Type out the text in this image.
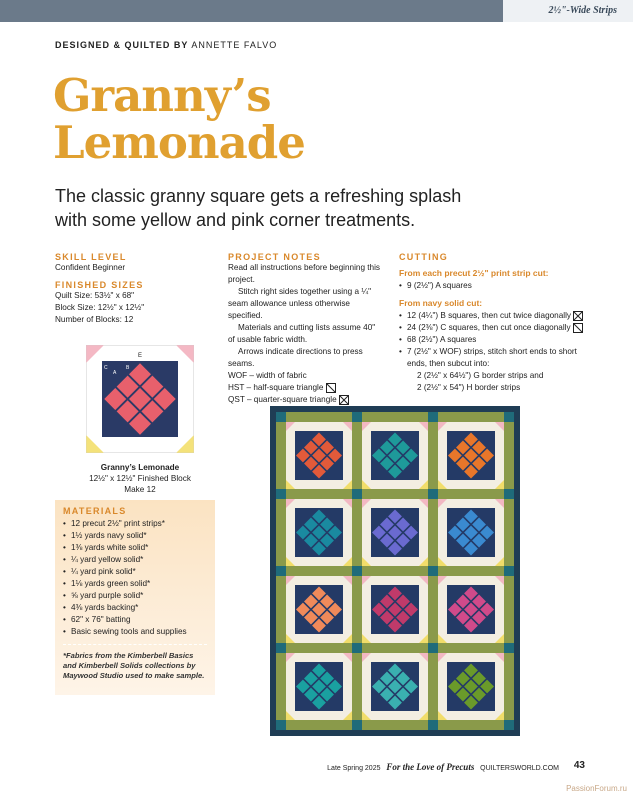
2½"-Wide Strips
DESIGNED & QUILTED BY ANNETTE FALVO
Granny’s
Lemonade
The classic granny square gets a refreshing splash with some yellow and pink corner treatments.
SKILL LEVEL
Confident Beginner
FINISHED SIZES
Quilt Size: 53½" x 68"
Block Size: 12½" x 12½"
Number of Blocks: 12
E
C
A
B
Granny’s Lemonade
12½" x 12½" Finished Block
Make 12
MATERIALS
• 12 precut 2½" print strips*
• 1½ yards navy solid*
• 1⅜ yards white solid*
• ¼ yard yellow solid*
• ¼ yard pink solid*
• 1⅛ yards green solid*
• ⅝ yard purple solid*
• 4⅜ yards backing*
• 62" x 76" batting
• Basic sewing tools and supplies
*Fabrics from the Kimberbell Basics and Kimberbell Solids collections by Maywood Studio used to make sample.
PROJECT NOTES
Read all instructions before beginning this project.
Stitch right sides together using a ¼" seam allowance unless otherwise specified.
Materials and cutting lists assume 40" of usable fabric width.
Arrows indicate directions to press seams.
WOF – width of fabric
HST – half-square triangle
QST – quarter-square triangle
CUTTING
From each precut 2½" print strip cut:
• 9 (2½") A squares
From navy solid cut:
• 12 (4¼") B squares, then cut twice diagonally
• 24 (2⅜") C squares, then cut once diagonally
• 68 (2½") A squares
• 7 (2½" x WOF) strips, stitch short ends to short ends, then subcut into:
2 (2½" x 64½") G border strips and
2 (2½" x 54") H border strips
Late Spring 2025 For the Love of Precuts QUILTERSWORLD.COM 43
PassionForum.ru
